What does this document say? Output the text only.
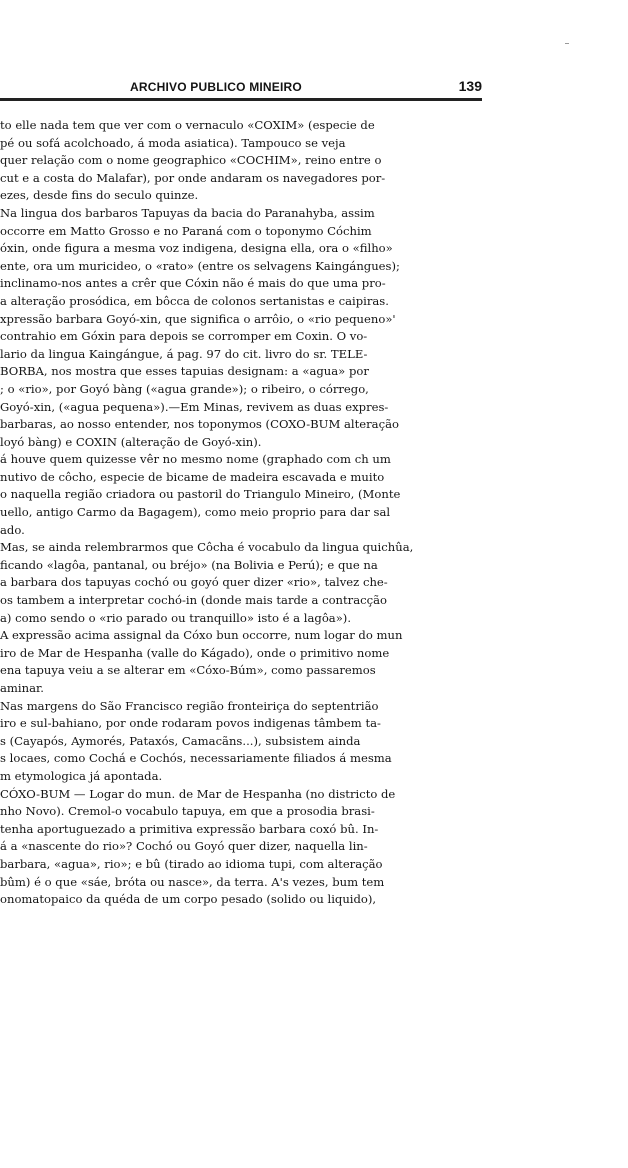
ARCHIVO PUBLICO MINEIRO	139
to elle nada tem que ver com o vernaculo «COXIM» (especie de
pé ou sofá acolchoado, á moda asiatica). Tampouco se veja
quer relação com o nome geographico «COCHIM», reino entre o
cut e a costa do Malafar), por onde andaram os navegadores por-
ezes, desde fins do seculo quinze.
Na lingua dos barbaros Tapuyas da bacia do Paranahyba, assim
occorre em Matto Grosso e no Paraná com o toponymo Cóchim
óxin, onde figura a mesma voz indigena, designa ella, ora o «filho»
ente, ora um muricideo, o «rato» (entre os selvagens Kaingángues);
inclinamo-nos antes a crêr que Cóxin não é mais do que uma pro-
a alteração prosódica, em bôcca de colonos sertanistas e caipiras.
xpressão barbara Goyó-xin, que significa o arrôio, o «rio pequeno»'
contrahio em Góxin para depois se corromper em Coxin. O vo-
lario da lingua Kaingángue, á pag. 97 do cit. livro do sr. TELE-
BORBA, nos mostra que esses tapuias designam: a «agua» por
; o «rio», por Goyó bàng («agua grande»); o ribeiro, o córrego,
Goyó-xin, («agua pequena»).—Em Minas, revivem as duas expres-
barbaras, ao nosso entender, nos toponymos (COXO-BUM alteração
loyó bàng) e COXIN (alteração de Goyó-xin).
á houve quem quizesse vêr no mesmo nome (graphado com ch um
nutivo de côcho, especie de bicame de madeira escavada e muito
o naquella região criadora ou pastoril do Triangulo Mineiro, (Monte
uello, antigo Carmo da Bagagem), como meio proprio para dar sal
ado.
Mas, se ainda relembrarmos que Côcha é vocabulo da lingua quichûa,
ficando «lagôa, pantanal, ou bréjo» (na Bolivia e Perú); e que na
a barbara dos tapuyas cochó ou goyó quer dizer «rio», talvez che-
os tambem a interpretar cochó-in (donde mais tarde a contracção
a) como sendo o «rio parado ou tranquillo» isto é a lagôa»).
A expressão acima assignal da Cóxo bun occorre, num logar do mun
iro de Mar de Hespanha (valle do Kágado), onde o primitivo nome
ena tapuya veiu a se alterar em «Cóxo-Búm», como passaremos
aminar.
Nas margens do São Francisco região fronteiriça do septentrião
iro e sul-bahiano, por onde rodaram povos indigenas tâmbem ta-
s (Cayapós, Aymorés, Pataxós, Camacãns...), subsistem ainda
s locaes, como Cochá e Cochós, necessariamente filiados á mesma
m etymologica já apontada.
CÓXO-BUM — Logar do mun. de Mar de Hespanha (no districto de
nho Novo). Cremol-o vocabulo tapuya, em que a prosodia brasi-
tenha aportuguezado a primitiva expressão barbara coxó bû. In-
á a «nascente do rio»? Cochó ou Goyó quer dizer, naquella lin-
barbara, «agua», rio»; e bû (tirado ao idioma tupi, com alteração
bûm) é o que «sáe, bróta ou nasce», da terra. A's vezes, bum tem
onomatopaico da quéda de um corpo pesado (solido ou liquido),
